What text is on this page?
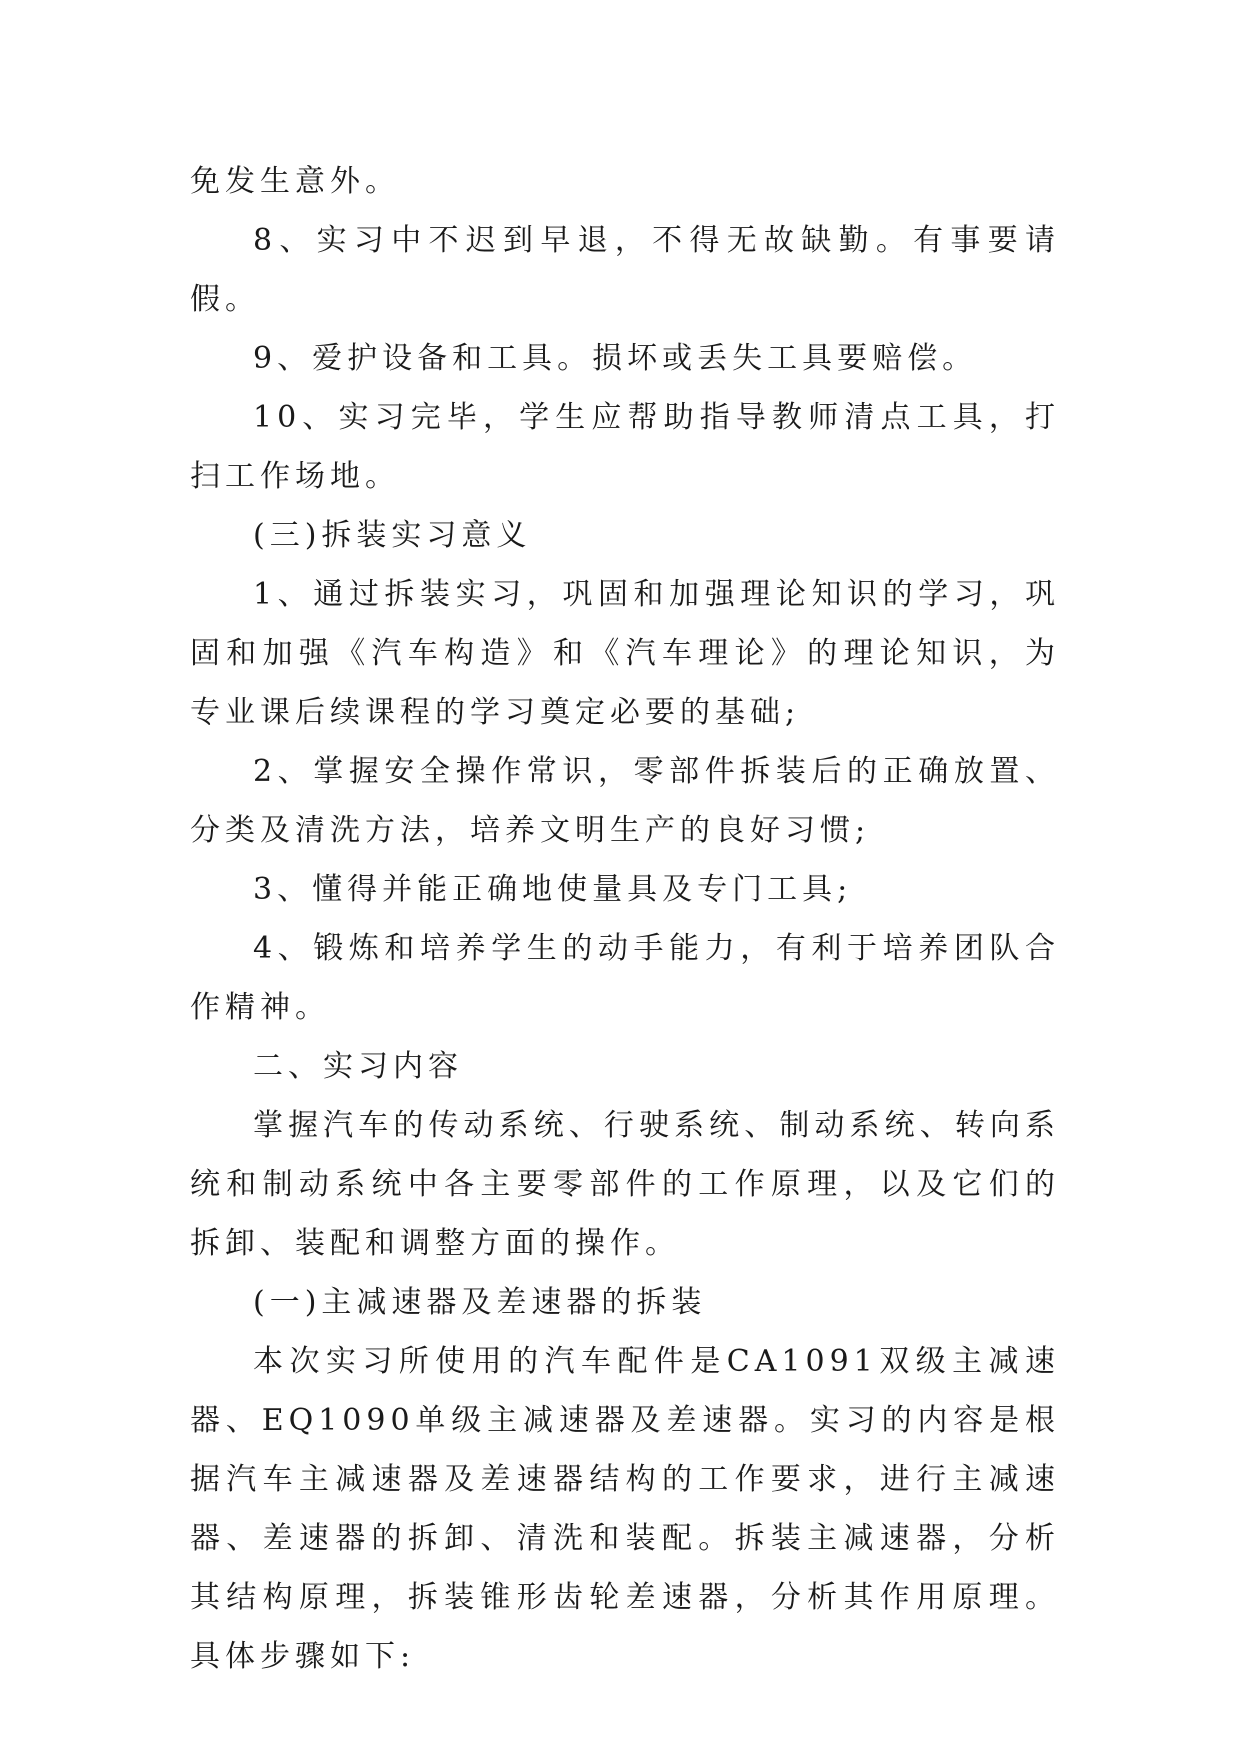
免发生意外。

8、实习中不迟到早退，不得无故缺勤。有事要请假。

9、爱护设备和工具。损坏或丢失工具要赔偿。

10、实习完毕，学生应帮助指导教师清点工具，打扫工作场地。

(三)拆装实习意义

1、通过拆装实习，巩固和加强理论知识的学习，巩固和加强《汽车构造》和《汽车理论》的理论知识，为专业课后续课程的学习奠定必要的基础;

2、掌握安全操作常识，零部件拆装后的正确放置、分类及清洗方法，培养文明生产的良好习惯;

3、懂得并能正确地使量具及专门工具;

4、锻炼和培养学生的动手能力，有利于培养团队合作精神。

二、实习内容

掌握汽车的传动系统、行驶系统、制动系统、转向系统和制动系统中各主要零部件的工作原理，以及它们的拆卸、装配和调整方面的操作。

(一)主减速器及差速器的拆装

本次实习所使用的汽车配件是CA1091双级主减速器、EQ1090单级主减速器及差速器。实习的内容是根据汽车主减速器及差速器结构的工作要求，进行主减速器、差速器的拆卸、清洗和装配。拆装主减速器，分析其结构原理，拆装锥形齿轮差速器，分析其作用原理。具体步骤如下:
